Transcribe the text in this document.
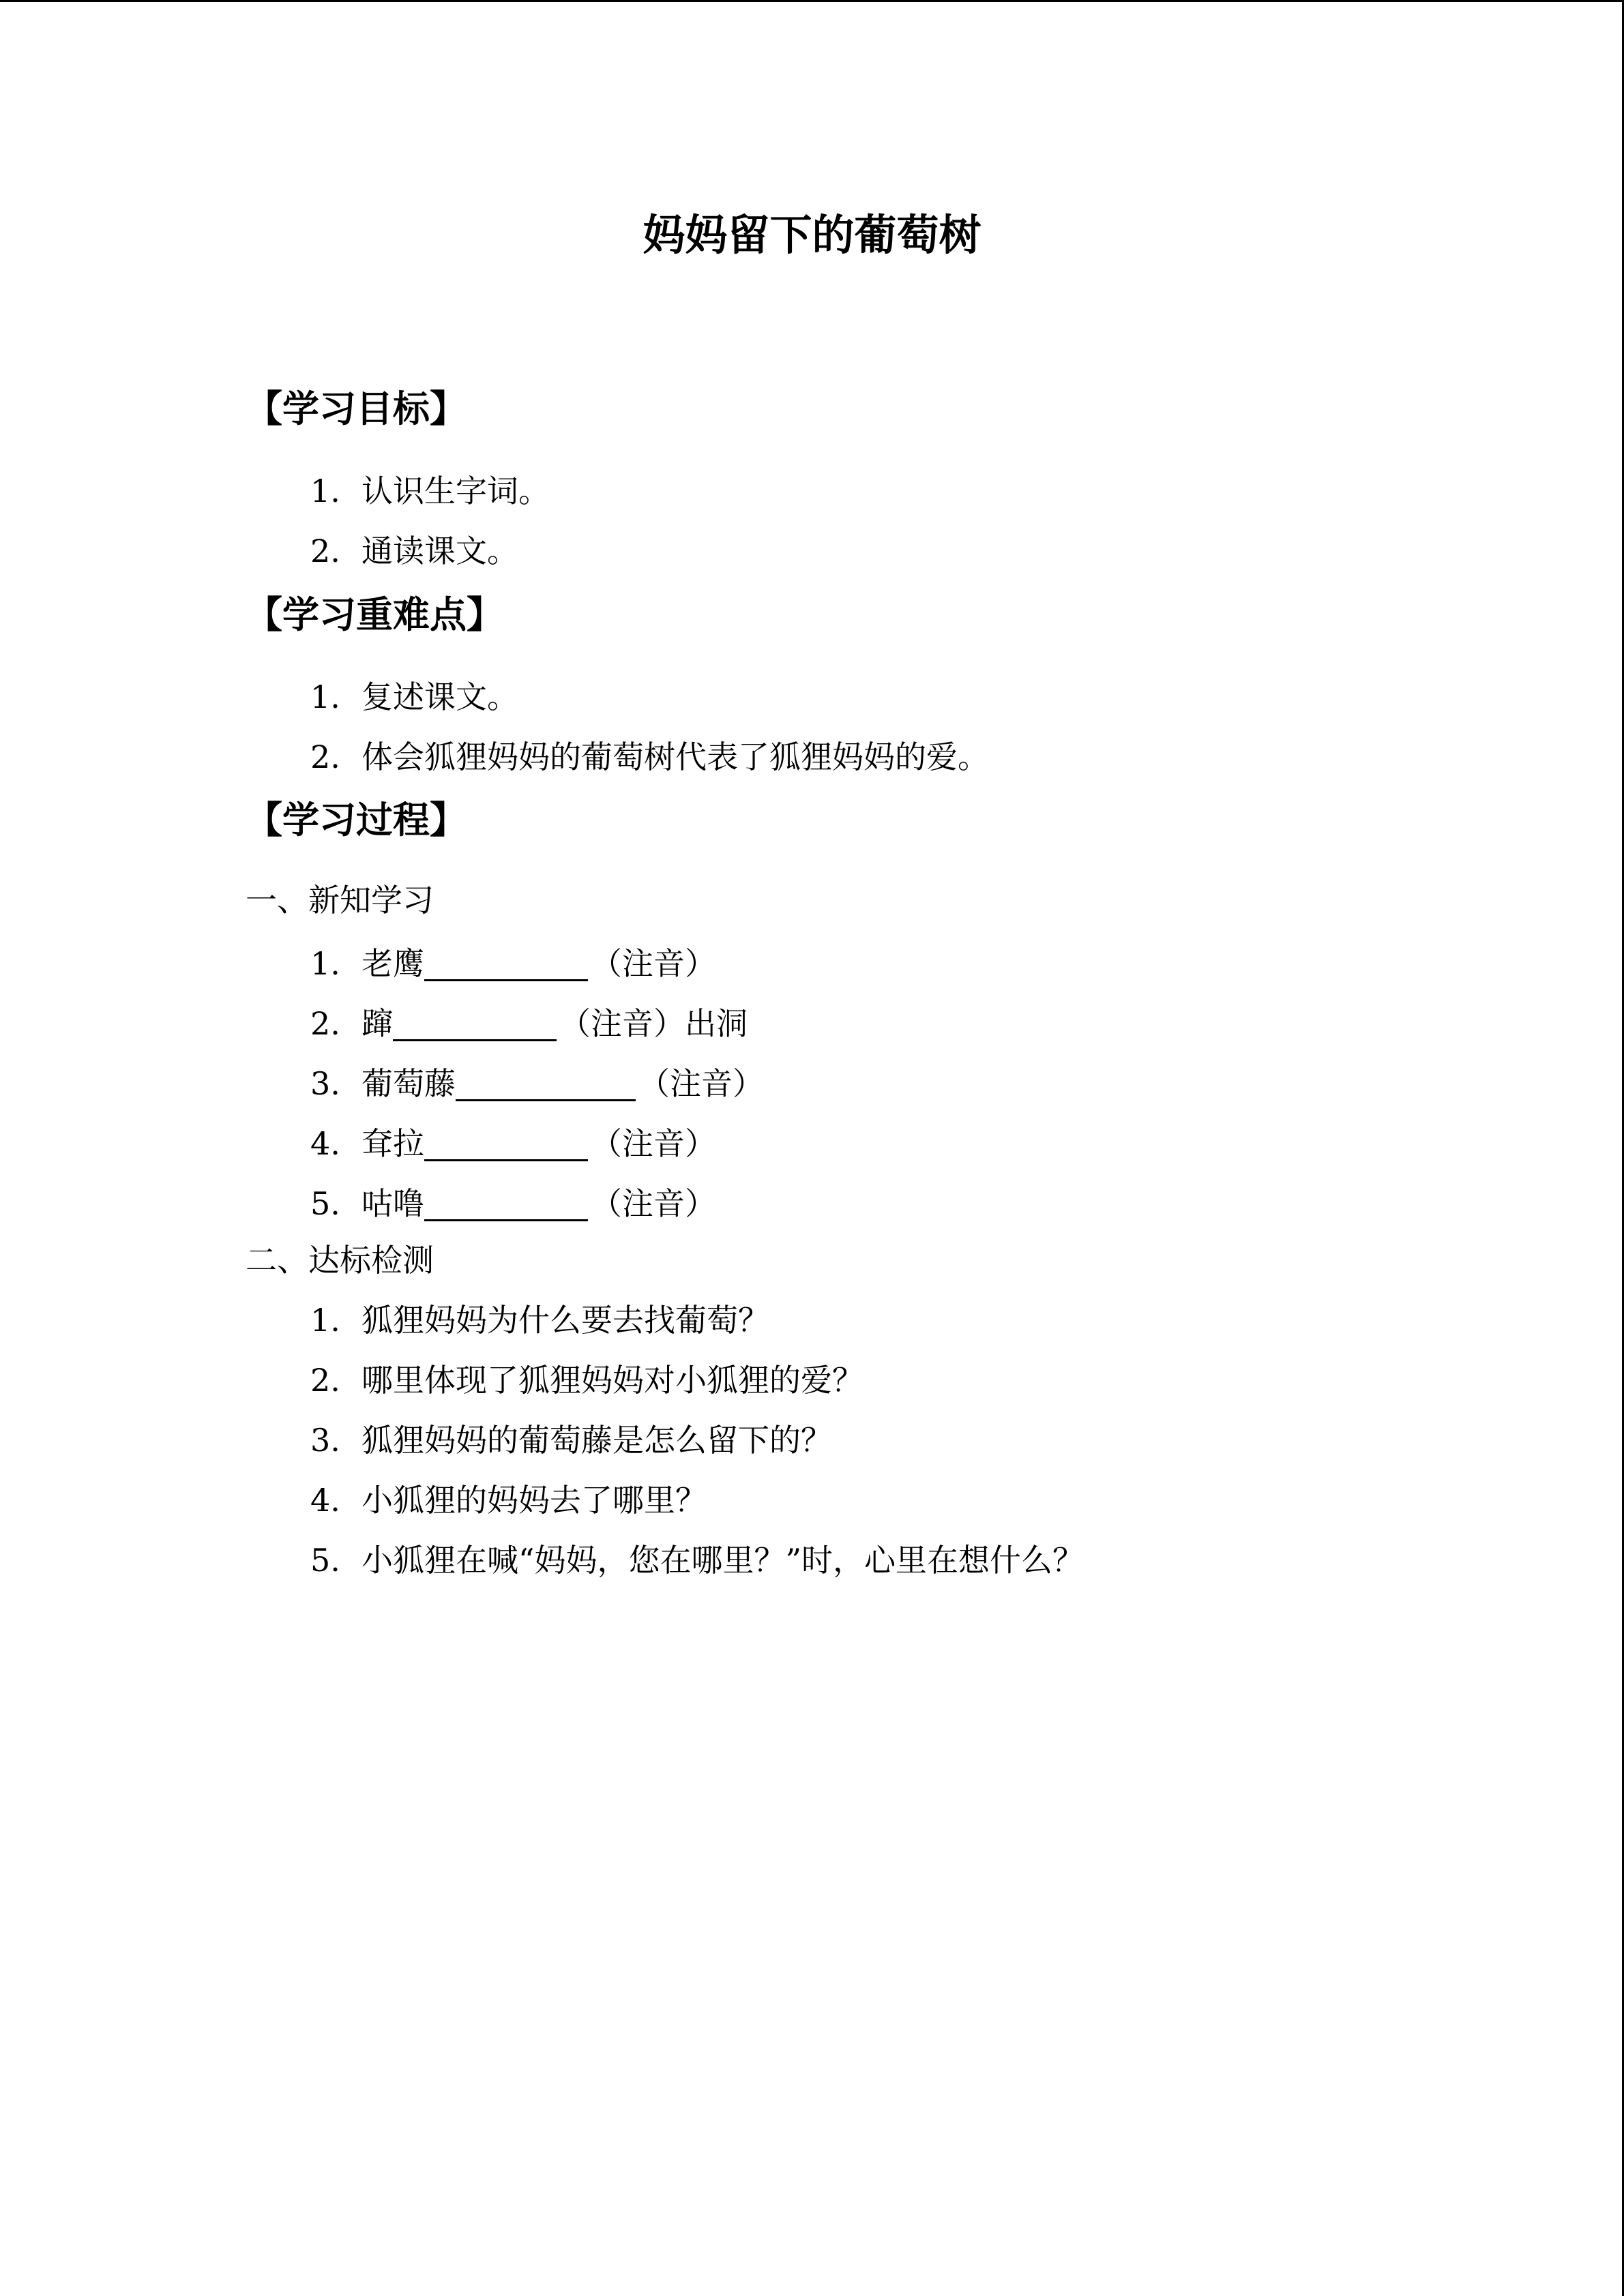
妈妈留下的葡萄树
【学习目标】
1. 认识生字词。
2. 通读课文。
【学习重难点】
1. 复述课文。
2. 体会狐狸妈妈的葡萄树代表了狐狸妈妈的爱。
【学习过程】
一、新知学习
1. 老鹰	（注音）
2. 蹿	（注音）出洞
3. 葡萄藤	（注音）
4. 耷拉	（注音）
5. 咕噜	（注音）
二、达标检测
1. 狐狸妈妈为什么要去找葡萄？
2. 哪里体现了狐狸妈妈对小狐狸的爱？
3. 狐狸妈妈的葡萄藤是怎么留下的？
4. 小狐狸的妈妈去了哪里？
5. 小狐狸在喊“妈妈，您在哪里？”时，心里在想什么？
